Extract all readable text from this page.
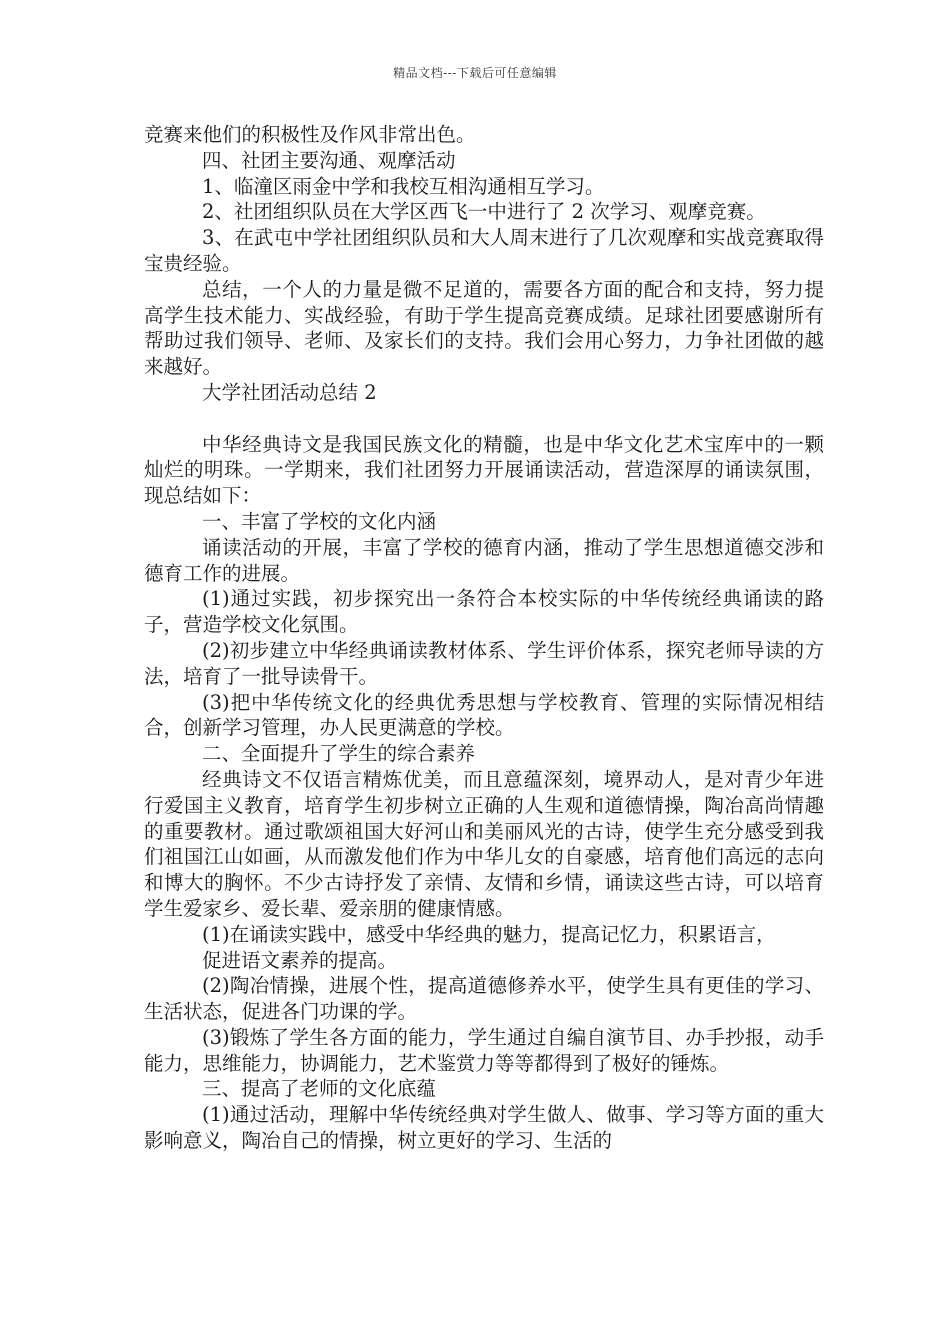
精品文档---下载后可任意编辑

竞赛来他们的积极性及作风非常出色。

四、社团主要沟通、观摩活动

1、临潼区雨金中学和我校互相沟通相互学习。

2、社团组织队员在大学区西飞一中进行了 2 次学习、观摩竞赛。

3、在武屯中学社团组织队员和大人周末进行了几次观摩和实战竞赛取得宝贵经验。

总结，一个人的力量是微不足道的，需要各方面的配合和支持，努力提高学生技术能力、实战经验，有助于学生提高竞赛成绩。足球社团要感谢所有帮助过我们领导、老师、及家长们的支持。我们会用心努力，力争社团做的越来越好。

大学社团活动总结 2

中华经典诗文是我国民族文化的精髓，也是中华文化艺术宝库中的一颗灿烂的明珠。一学期来，我们社团努力开展诵读活动，营造深厚的诵读氛围，现总结如下：

一、丰富了学校的文化内涵

诵读活动的开展，丰富了学校的德育内涵，推动了学生思想道德交涉和德育工作的进展。

(1)通过实践，初步探究出一条符合本校实际的中华传统经典诵读的路子，营造学校文化氛围。

(2)初步建立中华经典诵读教材体系、学生评价体系，探究老师导读的方法，培育了一批导读骨干。

(3)把中华传统文化的经典优秀思想与学校教育、管理的实际情况相结合，创新学习管理，办人民更满意的学校。

二、全面提升了学生的综合素养

经典诗文不仅语言精炼优美，而且意蕴深刻，境界动人，是对青少年进行爱国主义教育，培育学生初步树立正确的人生观和道德情操，陶冶高尚情趣的重要教材。通过歌颂祖国大好河山和美丽风光的古诗，使学生充分感受到我们祖国江山如画，从而激发他们作为中华儿女的自豪感，培育他们高远的志向和博大的胸怀。不少古诗抒发了亲情、友情和乡情，诵读这些古诗，可以培育学生爱家乡、爱长辈、爱亲朋的健康情感。

(1)在诵读实践中，感受中华经典的魅力，提高记忆力，积累语言，

促进语文素养的提高。

(2)陶冶情操，进展个性，提高道德修养水平，使学生具有更佳的学习、生活状态，促进各门功课的学。

(3)锻炼了学生各方面的能力，学生通过自编自演节目、办手抄报，动手能力，思维能力，协调能力，艺术鉴赏力等等都得到了极好的锤炼。

三、提高了老师的文化底蕴

(1)通过活动，理解中华传统经典对学生做人、做事、学习等方面的重大影响意义，陶冶自己的情操，树立更好的学习、生活的
